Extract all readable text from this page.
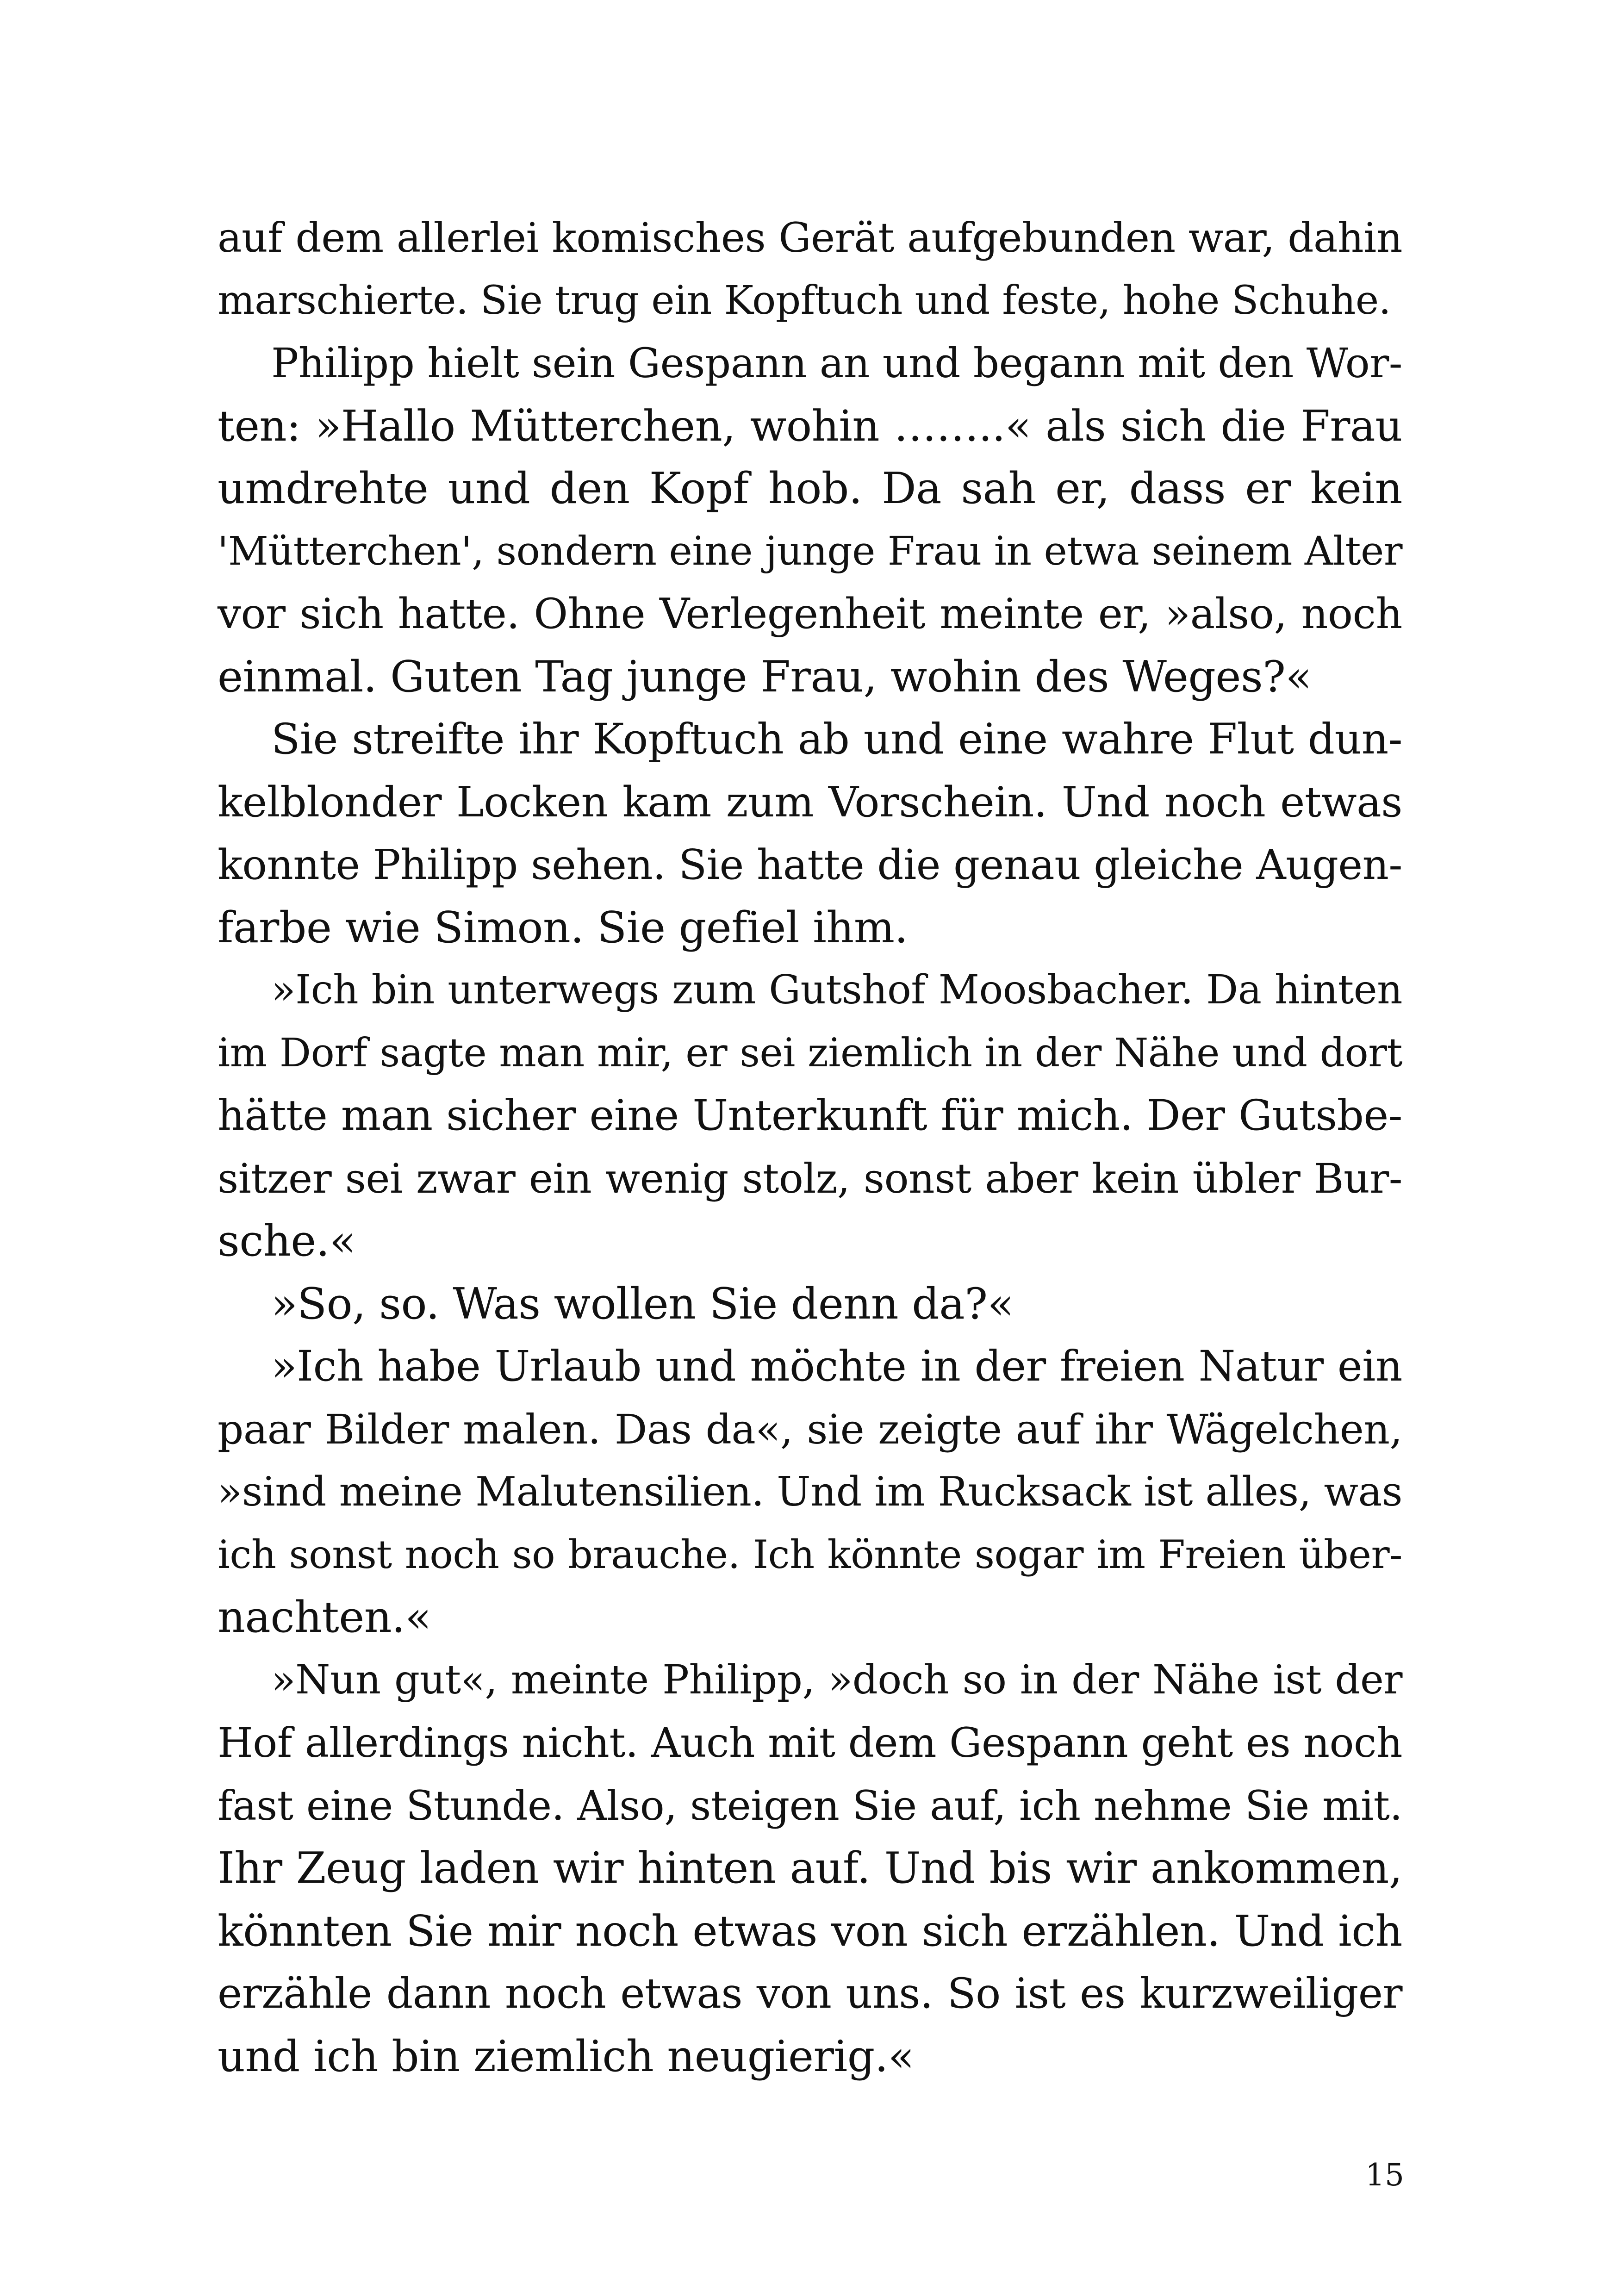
auf dem allerlei komisches Gerät aufgebunden war, dahin
marschierte. Sie trug ein Kopftuch und feste, hohe Schuhe.
Philipp hielt sein Gespann an und begann mit den Wor-
ten: »Hallo Mütterchen, wohin ……..« als sich die Frau
umdrehte und den Kopf hob. Da sah er, dass er kein
'Mütterchen', sondern eine junge Frau in etwa seinem Alter
vor sich hatte. Ohne Verlegenheit meinte er, »also, noch
einmal. Guten Tag junge Frau, wohin des Weges?«
Sie streifte ihr Kopftuch ab und eine wahre Flut dun-
kelblonder Locken kam zum Vorschein. Und noch etwas
konnte Philipp sehen. Sie hatte die genau gleiche Augen-
farbe wie Simon. Sie gefiel ihm.
»Ich bin unterwegs zum Gutshof Moosbacher. Da hinten
im Dorf sagte man mir, er sei ziemlich in der Nähe und dort
hätte man sicher eine Unterkunft für mich. Der Gutsbe-
sitzer sei zwar ein wenig stolz, sonst aber kein übler Bur-
sche.«
»So, so. Was wollen Sie denn da?«
»Ich habe Urlaub und möchte in der freien Natur ein
paar Bilder malen. Das da«, sie zeigte auf ihr Wägelchen,
»sind meine Malutensilien. Und im Rucksack ist alles, was
ich sonst noch so brauche. Ich könnte sogar im Freien über-
nachten.«
»Nun gut«, meinte Philipp, »doch so in der Nähe ist der
Hof allerdings nicht. Auch mit dem Gespann geht es noch
fast eine Stunde. Also, steigen Sie auf, ich nehme Sie mit.
Ihr Zeug laden wir hinten auf. Und bis wir ankommen,
könnten Sie mir noch etwas von sich erzählen. Und ich
erzähle dann noch etwas von uns. So ist es kurzweiliger
und ich bin ziemlich neugierig.«
15
